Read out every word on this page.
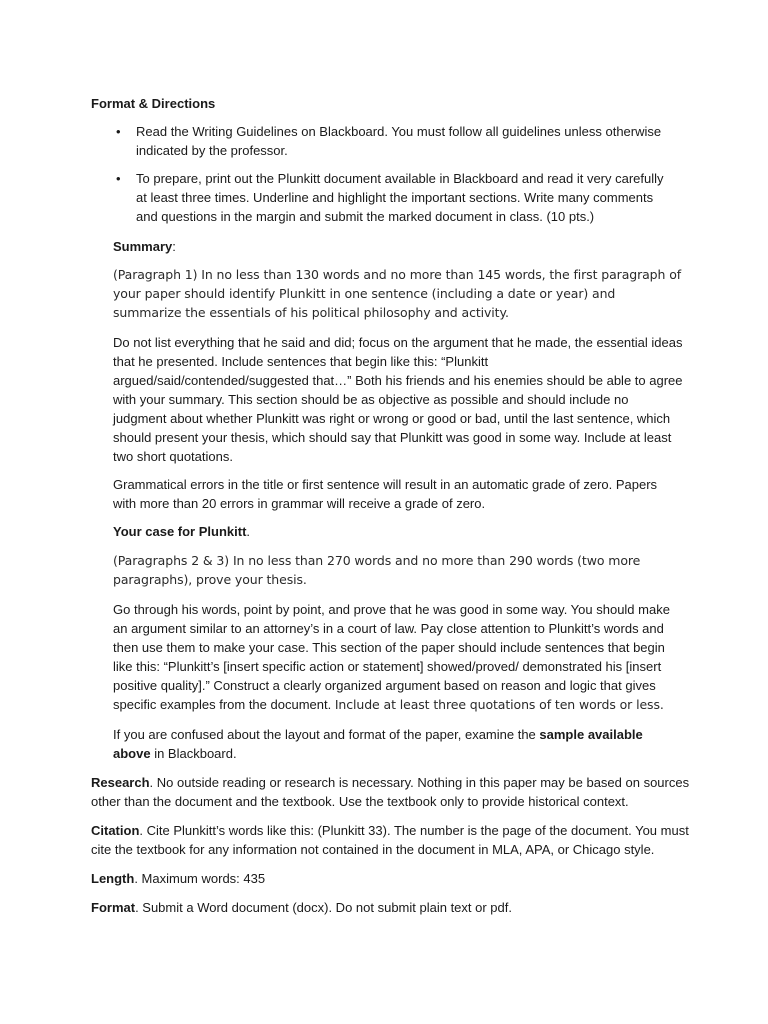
Format & Directions
• Read the Writing Guidelines on Blackboard. You must follow all guidelines unless otherwise indicated by the professor.
• To prepare, print out the Plunkitt document available in Blackboard and read it very carefully at least three times. Underline and highlight the important sections. Write many comments and questions in the margin and submit the marked document in class. (10 pts.)

Summary:

(Paragraph 1) In no less than 130 words and no more than 145 words, the first paragraph of your paper should identify Plunkitt in one sentence (including a date or year) and summarize the essentials of his political philosophy and activity.

Do not list everything that he said and did; focus on the argument that he made, the essential ideas that he presented. Include sentences that begin like this: “Plunkitt argued/said/contended/suggested that…” Both his friends and his enemies should be able to agree with your summary. This section should be as objective as possible and should include no judgment about whether Plunkitt was right or wrong or good or bad, until the last sentence, which should present your thesis, which should say that Plunkitt was good in some way. Include at least two short quotations.

Grammatical errors in the title or first sentence will result in an automatic grade of zero. Papers with more than 20 errors in grammar will receive a grade of zero.

Your case for Plunkitt.

(Paragraphs 2 & 3) In no less than 270 words and no more than 290 words (two more paragraphs), prove your thesis.

Go through his words, point by point, and prove that he was good in some way. You should make an argument similar to an attorney’s in a court of law. Pay close attention to Plunkitt’s words and then use them to make your case. This section of the paper should include sentences that begin like this: “Plunkitt’s [insert specific action or statement] showed/proved/ demonstrated his [insert positive quality].” Construct a clearly organized argument based on reason and logic that gives specific examples from the document. Include at least three quotations of ten words or less.

If you are confused about the layout and format of the paper, examine the sample available above in Blackboard.

Research. No outside reading or research is necessary. Nothing in this paper may be based on sources other than the document and the textbook. Use the textbook only to provide historical context.

Citation. Cite Plunkitt’s words like this: (Plunkitt 33). The number is the page of the document. You must cite the textbook for any information not contained in the document in MLA, APA, or Chicago style.

Length. Maximum words: 435

Format. Submit a Word document (docx). Do not submit plain text or pdf.
